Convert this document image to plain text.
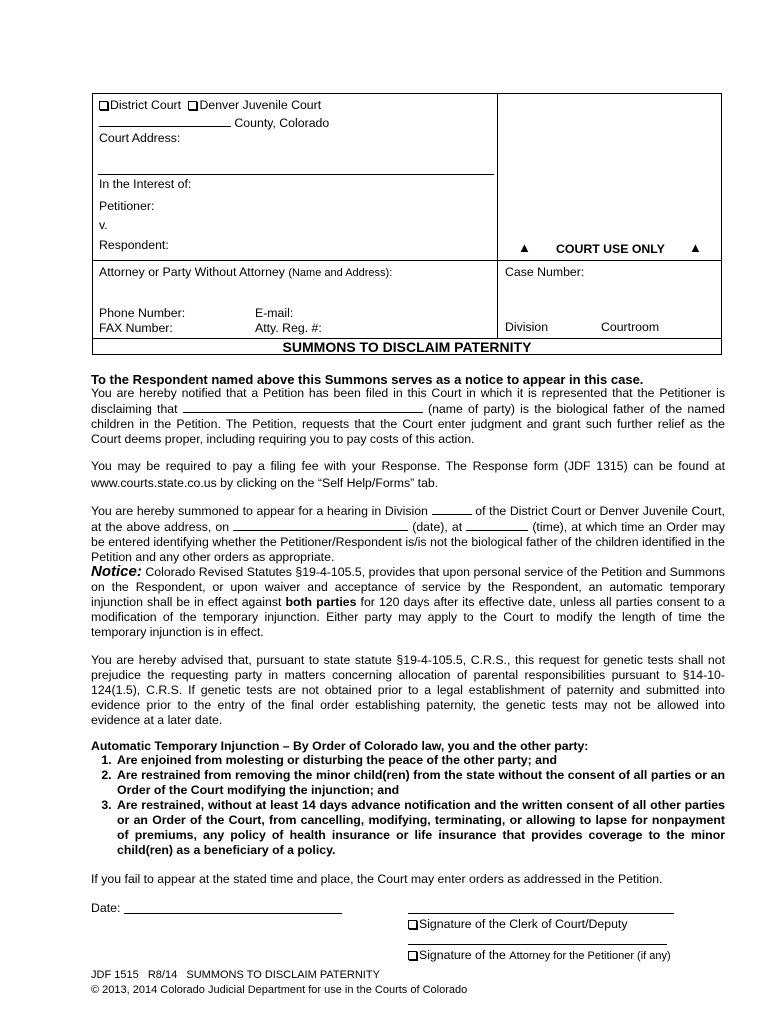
District Court Denver Juvenile Court
County, Colorado
Court Address:
In the Interest of:
Petitioner:
v.
Respondent:	▲ COURT USE ONLY ▲
Attorney or Party Without Attorney (Name and Address):	Case Number:
Phone Number:	E-mail:
FAX Number:	Atty. Reg. #:	Division	Courtroom
SUMMONS TO DISCLAIM PATERNITY
To the Respondent named above this Summons serves as a notice to appear in this case.
You are hereby notified that a Petition has been filed in this Court in which it is represented that the Petitioner is disclaiming that	(name of party) is the biological father of the named children in the Petition. The Petition, requests that the Court enter judgment and grant such further relief as the Court deems proper, including requiring you to pay costs of this action.
You may be required to pay a filing fee with your Response. The Response form (JDF 1315) can be found at www.courts.state.co.us by clicking on the “Self Help/Forms” tab.
You are hereby summoned to appear for a hearing in Division	of the District Court or Denver Juvenile Court, at the above address, on	(date), at	(time), at which time an Order may be entered identifying whether the Petitioner/Respondent is/is not the biological father of the children identified in the Petition and any other orders as appropriate.
Notice: Colorado Revised Statutes §19-4-105.5, provides that upon personal service of the Petition and Summons on the Respondent, or upon waiver and acceptance of service by the Respondent, an automatic temporary injunction shall be in effect against both parties for 120 days after its effective date, unless all parties consent to a modification of the temporary injunction. Either party may apply to the Court to modify the length of time the temporary injunction is in effect.
You are hereby advised that, pursuant to state statute §19-4-105.5, C.R.S., this request for genetic tests shall not prejudice the requesting party in matters concerning allocation of parental responsibilities pursuant to §14-10-124(1.5), C.R.S. If genetic tests are not obtained prior to a legal establishment of paternity and submitted into evidence prior to the entry of the final order establishing paternity, the genetic tests may not be allowed into evidence at a later date.
Automatic Temporary Injunction – By Order of Colorado law, you and the other party:
1. Are enjoined from molesting or disturbing the peace of the other party; and
2. Are restrained from removing the minor child(ren) from the state without the consent of all parties or an Order of the Court modifying the injunction; and
3. Are restrained, without at least 14 days advance notification and the written consent of all other parties or an Order of the Court, from cancelling, modifying, terminating, or allowing to lapse for nonpayment of premiums, any policy of health insurance or life insurance that provides coverage to the minor child(ren) as a beneficiary of a policy.
If you fail to appear at the stated time and place, the Court may enter orders as addressed in the Petition.
Date:
Signature of the Clerk of Court/Deputy
Signature of the Attorney for the Petitioner (if any)
JDF 1515   R8/14   SUMMONS TO DISCLAIM PATERNITY
© 2013, 2014 Colorado Judicial Department for use in the Courts of Colorado
